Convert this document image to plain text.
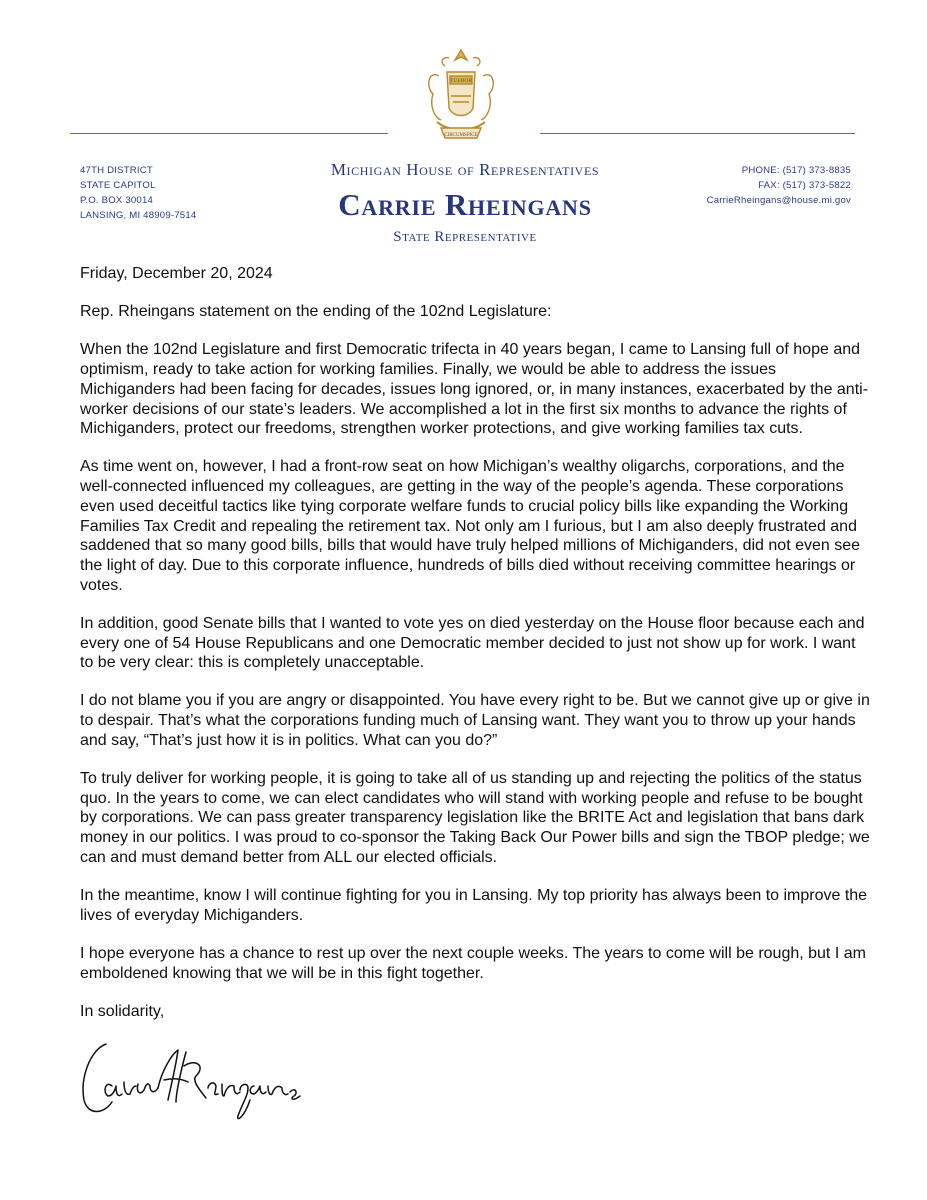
TUEBOR
CIRCUMSPICE
47TH DISTRICT
STATE CAPITOL
P.O. BOX 30014
LANSING, MI 48909-7514
Michigan House of Representatives
Carrie Rheingans
State Representative
PHONE: (517) 373-8835
FAX: (517) 373-5822
CarrieRheingans@house.mi.gov

Friday, December 20, 2024

Rep. Rheingans statement on the ending of the 102nd Legislature:

When the 102nd Legislature and first Democratic trifecta in 40 years began, I came to Lansing full of hope and optimism, ready to take action for working families. Finally, we would be able to address the issues Michiganders had been facing for decades, issues long ignored, or, in many instances, exacerbated by the anti-worker decisions of our state’s leaders. We accomplished a lot in the first six months to advance the rights of Michiganders, protect our freedoms, strengthen worker protections, and give working families tax cuts.

As time went on, however, I had a front-row seat on how Michigan’s wealthy oligarchs, corporations, and the well-connected influenced my colleagues, are getting in the way of the people’s agenda. These corporations even used deceitful tactics like tying corporate welfare funds to crucial policy bills like expanding the Working Families Tax Credit and repealing the retirement tax. Not only am I furious, but I am also deeply frustrated and saddened that so many good bills, bills that would have truly helped millions of Michiganders, did not even see the light of day. Due to this corporate influence, hundreds of bills died without receiving committee hearings or votes.

In addition, good Senate bills that I wanted to vote yes on died yesterday on the House floor because each and every one of 54 House Republicans and one Democratic member decided to just not show up for work. I want to be very clear: this is completely unacceptable.

I do not blame you if you are angry or disappointed. You have every right to be. But we cannot give up or give in to despair. That’s what the corporations funding much of Lansing want. They want you to throw up your hands and say, “That’s just how it is in politics. What can you do?”

To truly deliver for working people, it is going to take all of us standing up and rejecting the politics of the status quo. In the years to come, we can elect candidates who will stand with working people and refuse to be bought by corporations. We can pass greater transparency legislation like the BRITE Act and legislation that bans dark money in our politics. I was proud to co-sponsor the Taking Back Our Power bills and sign the TBOP pledge; we can and must demand better from ALL our elected officials.

In the meantime, know I will continue fighting for you in Lansing. My top priority has always been to improve the lives of everyday Michiganders.

I hope everyone has a chance to rest up over the next couple weeks. The years to come will be rough, but I am emboldened knowing that we will be in this fight together.

In solidarity,
